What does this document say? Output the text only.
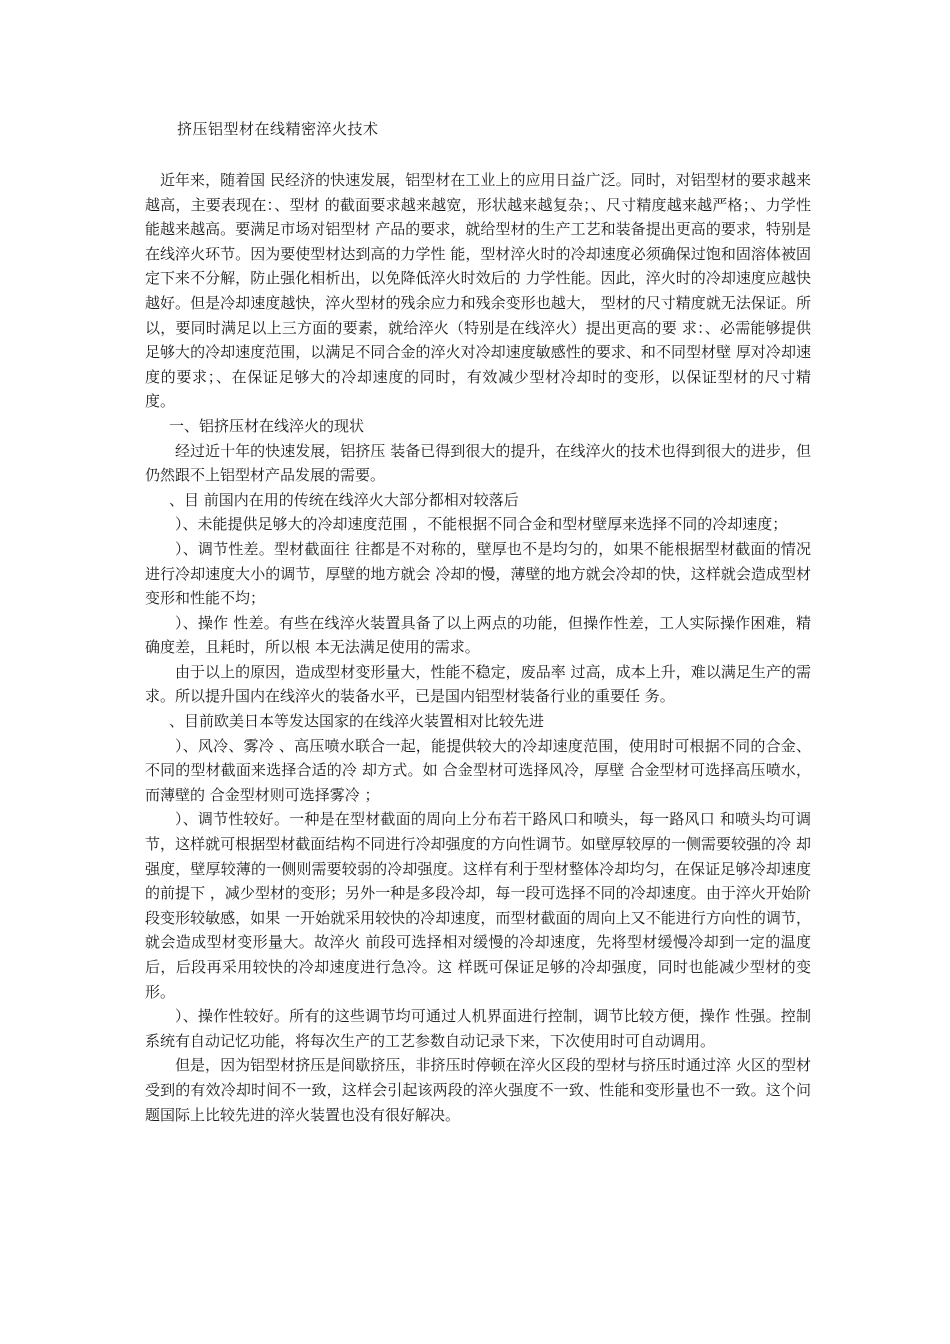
挤压铝型材在线精密淬火技术

近年来，随着国 民经济的快速发展，铝型材在工业上的应用日益广泛。同时，对铝型材的要求越来越高，主要表现在：、型材 的截面要求越来越宽，形状越来越复杂；、尺寸精度越来越严格；、力学性能越来越高。要满足市场对铝型材 产品的要求，就给型材的生产工艺和装备提出更高的要求，特别是在线淬火环节。因为要使型材达到高的力学性 能，型材淬火时的冷却速度必须确保过饱和固溶体被固定下来不分解，防止强化相析出，以免降低淬火时效后的 力学性能。因此，淬火时的冷却速度应越快越好。但是冷却速度越快，淬火型材的残余应力和残余变形也越大， 型材的尺寸精度就无法保证。所以，要同时满足以上三方面的要素，就给淬火（特别是在线淬火）提出更高的要 求：、必需能够提供足够大的冷却速度范围，以满足不同合金的淬火对冷却速度敏感性的要求、和不同型材壁 厚对冷却速度的要求；、在保证足够大的冷却速度的同时，有效减少型材冷却时的变形，以保证型材的尺寸精 度。

一、铝挤压材在线淬火的现状

经过近十年的快速发展，铝挤压 装备已得到很大的提升，在线淬火的技术也得到很大的进步，但仍然跟不上铝型材产品发展的需要。

、目 前国内在用的传统在线淬火大部分都相对较落后

）、未能提供足够大的冷却速度范围 ，不能根据不同合金和型材壁厚来选择不同的冷却速度；

）、调节性差。型材截面往 往都是不对称的，壁厚也不是均匀的，如果不能根据型材截面的情况进行冷却速度大小的调节，厚壁的地方就会 冷却的慢，薄壁的地方就会冷却的快，这样就会造成型材变形和性能不均；

）、操作 性差。有些在线淬火装置具备了以上两点的功能，但操作性差，工人实际操作困难，精确度差，且耗时，所以根 本无法满足使用的需求。

由于以上的原因，造成型材变形量大，性能不稳定，废品率 过高，成本上升，难以满足生产的需求。所以提升国内在线淬火的装备水平，已是国内铝型材装备行业的重要任 务。

、目前欧美日本等发达国家的在线淬火装置相对比较先进

）、风冷、雾冷 、高压喷水联合一起，能提供较大的冷却速度范围，使用时可根据不同的合金、不同的型材截面来选择合适的冷 却方式。如 合金型材可选择风冷，厚壁 合金型材可选择高压喷水，而薄壁的 合金型材则可选择雾冷 ；

）、调节性较好。一种是在型材截面的周向上分布若干路风口和喷头，每一路风口 和喷头均可调节，这样就可根据型材截面结构不同进行冷却强度的方向性调节。如壁厚较厚的一侧需要较强的冷 却强度，壁厚较薄的一侧则需要较弱的冷却强度。这样有利于型材整体冷却均匀，在保证足够冷却速度的前提下 ，减少型材的变形；另外一种是多段冷却，每一段可选择不同的冷却速度。由于淬火开始阶段变形较敏感，如果 一开始就采用较快的冷却速度，而型材截面的周向上又不能进行方向性的调节，就会造成型材变形量大。故淬火 前段可选择相对缓慢的冷却速度，先将型材缓慢冷却到一定的温度后，后段再采用较快的冷却速度进行急冷。这 样既可保证足够的冷却强度，同时也能减少型材的变形。

）、操作性较好。所有的这些调节均可通过人机界面进行控制，调节比较方便，操作 性强。控制系统有自动记忆功能，将每次生产的工艺参数自动记录下来，下次使用时可自动调用。

但是，因为铝型材挤压是间歇挤压，非挤压时停顿在淬火区段的型材与挤压时通过淬 火区的型材受到的有效冷却时间不一致，这样会引起该两段的淬火强度不一致、性能和变形量也不一致。这个问 题国际上比较先进的淬火装置也没有很好解决。
